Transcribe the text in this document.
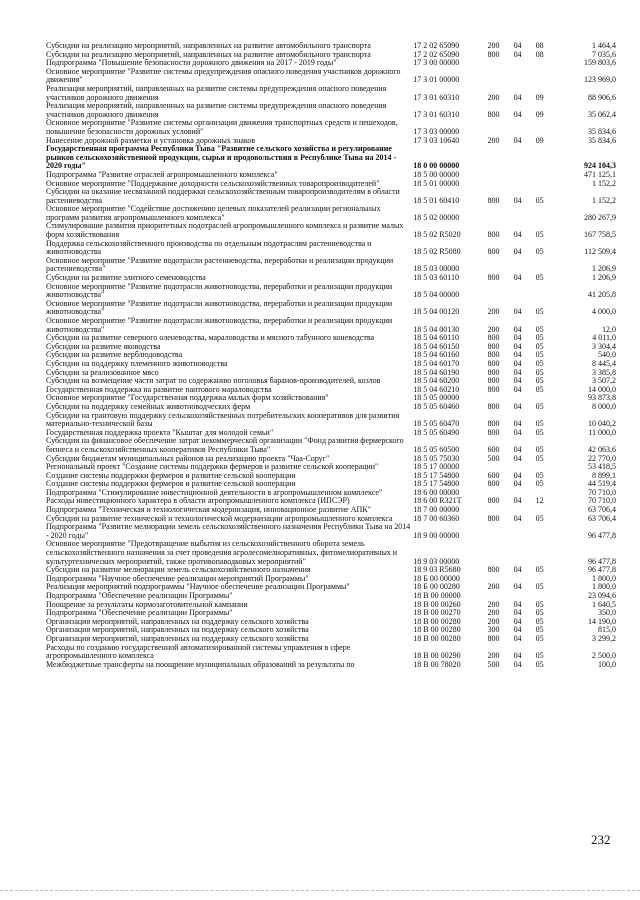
Субсидии на реализацию мероприятий, направленных на развитие автомобильного транспорта	17 2 02 65090	200	04	08	1 464,4
Субсидии на реализацию мероприятий, направленных на развитие автомобильного транспорта	17 2 02 65090	800	04	08	7 035,6
Подпрограмма "Повышение безопасности дорожного движения на 2017 - 2019 годы"	17 3 00 00000				159 803,6
Основное мероприятие "Развитие системы предупреждения опасного поведения участников дорожного движения"	17 3 01 00000				123 969,0
Реализация мероприятий, направленных на развитие системы предупреждения опасного поведения участников дорожного движения	17 3 01 60310	200	04	09	88 906,6
Реализация мероприятий, направленных на развитие системы предупреждения опасного поведения участников дорожного движения	17 3 01 60310	800	04	09	35 062,4
Основное мероприятие "Развитие системы организации движения транспортных средств и пешеходов, повышение безопасности дорожных условий"	17 3 03 00000				35 834,6
Нанесение дорожной разметки и установка дорожных знаков	17 3 03 10640	200	04	09	35 834,6
Государственная программа Республики Тыва "Развитие сельского хозяйства и регулирование рынков сельскохозяйственной продукции, сырья и продовольствия в Республике Тыва на 2014 - 2020 годы"	18 0 00 00000				924 104,3
Подпрограмма "Развитие отраслей агропромышленного комплекса"	18 5 00 00000				471 125,1
Основное мероприятие "Поддержание доходности сельскохозяйственных товаропроизводителей"	18 5 01 00000				1 152,2
Субсидии на оказание несвязанной поддержки сельскохозяйственным товаропроизводителям в области растениеводства	18 5 01 60410	800	04	05	1 152,2
Основное мероприятие "Содействие достижению целевых показателей реализации региональных программ развития агропромышленного комплекса"	18 5 02 00000				280 267,9
Стимулирование развития приоритетных подотраслей агропромышленного комплекса и развитие малых форм хозяйствования	18 5 02 R5020	800	04	05	167 758,5
Поддержка сельскохозяйственного производства по отдельным подотраслям растениеводства и животноводства	18 5 02 R5080	800	04	05	112 509,4
Основное мероприятие "Развитие подотрасли растениеводства, переработки и реализации продукции растениеводства"	18 5 03 00000				1 206,9
Субсидии на развитие элитного семеноводства	18 5 03 60110	800	04	05	1 206,9
Основное мероприятие "Развитие подотрасли животноводства, переработки и реализации продукции животноводства"	18 5 04 00000				41 205,8
Основное мероприятие "Развитие подотрасли животноводства, переработки и реализации продукции животноводства"	18 5 04 00120	200	04	05	4 000,0
Основное мероприятие "Развитие подотрасли животноводства, переработки и реализации продукции животноводства"	18 5 04 00130	200	04	05	12,0
Субсидии на развитие северного оленеводства, мараловодства и мясного табунного коневодства	18 5 04 60110	800	04	05	4 011,0
Субсидии на развитие яководства	18 5 04 60150	800	04	05	3 304,4
Субсидии на развитие верблюдоводства	18 5 04 60160	800	04	05	540,0
Субсидии на поддержку племенного животноводства	18 5 04 60170	800	04	05	8 445,4
Субсидии за реализованное мясо	18 5 04 60190	800	04	05	3 385,8
Субсидии на возмещение части затрат по содержанию поголовья баранов-производителей, козлов	18 5 04 60200	800	04	05	3 507,2
Государственная поддержка на развитие пантового мараловодства	18 5 04 60210	800	04	05	14 000,0
Основное мероприятие "Государственная поддержка малых форм хозяйствования"	18 5 05 00000				93 873,8
Субсидии на поддержку семейных животноводческих ферм	18 5 05 60460	800	04	05	8 000,0
Субсидии на грантовую поддержку сельскохозяйственных потребительских кооперативов для развития материально-технической базы	18 5 05 60470	800	04	05	10 040,2
Государственная поддержка проекта "Кыштаг для молодой семьи"	18 5 05 60490	800	04	05	11 000,0
Субсидии на финансовое обеспечение затрат некоммерческой организации "Фонд развития фермерского бизнеса и сельскохозяйственных кооперативов Республики Тыва"	18 5 05 60500	600	04	05	42 063,6
Субсидии бюджетам муниципальных районов на реализацию проекта "Чаа-Соруг"	18 5 05 75030	500	04	05	22 770,0
Региональный проект "Создание системы поддержки фермеров и развитие сельской кооперации"	18 5 17 00000				53 418,5
Создание системы поддержки фермеров и развитие сельской кооперации	18 5 17 54800	600	04	05	8 899,1
Создание системы поддержки фермеров и развитие сельской кооперации	18 5 17 54800	800	04	05	44 519,4
Подпрограмма "Стимулирование инвестиционной деятельности в агропромышленном комплексе"	18 6 00 00000				70 710,0
Расходы инвестиционного характера в области агропромышленного комплекса (ИПСЭР)	18 6 00 R321T	800	04	12	70 710,0
Подпрограмма "Техническая и технологическая модернизация, инновационное развитие АПК"	18 7 00 00000				63 706,4
Субсидии на развитие технической и технологической модернизации агропромышленного комплекса	18 7 00 60360	800	04	05	63 706,4
Подпрограмма "Развитие мелиорации земель сельскохозяйственного назначения Республики Тыва на 2014 - 2020 годы"	18 9 00 00000				96 477,8
Основное мероприятие "Предотвращение выбытия из сельскохозяйственного оборота земель сельскохозяйственного назначения за счет проведения агролесомелиоративных, фитомелиоративных и культуртехнических мероприятий, также противопаводковых мероприятий"	18 9 03 00000				96 477,8
Субсидии на развитие мелиорации земель сельскохозяйственного назначения	18 9 03 R5680	800	04	05	96 477,8
Подпрограмма "Научное обеспечение реализации мероприятий Программы"	18 Б 00 00000				1 800,0
Реализация мероприятий подпрограммы "Научное обеспечение реализации Программы"	18 Б 00 00280	200	04	05	1 800,0
Подпрограмма "Обеспечение реализации Программы"	18 В 00 00000				23 094,6
Поощрение за результаты кормозаготовительной кампании	18 В 00 00260	200	04	05	1 640,5
Подпрограмма "Обеспечение реализации Программы"	18 В 00 00270	200	04	05	350,0
Организация мероприятий, направленных на поддержку сельского хозяйства	18 В 00 00280	200	04	05	14 190,0
Организация мероприятий, направленных на поддержку сельского хозяйства	18 В 00 00280	300	04	05	815,0
Организация мероприятий, направленных на поддержку сельского хозяйства	18 В 00 00280	800	04	05	3 299,2
Расходы по созданию государственной автоматизированной системы управления в сфере агропромышленного комплекса	18 В 00 00290	200	04	05	2 500,0
Межбюджетные трансферты на поощрение муниципальных образований за результаты по	18 В 00 78020	500	04	05	100,0
232
